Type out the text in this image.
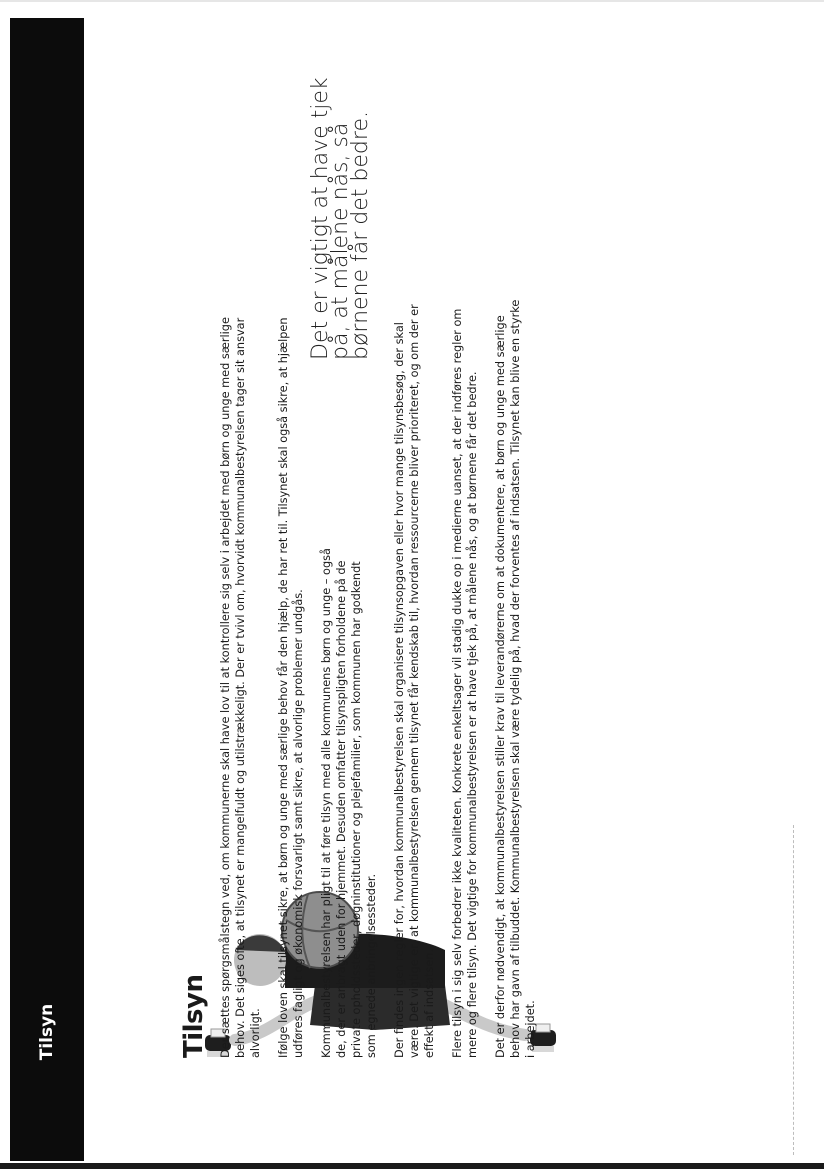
Tilsyn	Tilsyn Der sættes spørgsmålstegn ved, om kommunerne skal have lov til at kontrollere sig selv i arbejdet med børn og unge med særlige behov. Det siges ofte, at tilsynet er mangelfuldt og utilstrækkeligt. Der er tvivl om, hvorvidt kommunalbestyrelsen tager sit ansvar alvorligt. Ifølge loven skal tilsynet sikre, at børn og unge med særlige behov får den hjælp, de har ret til. Tilsynet skal også sikre, at hjælpen udføres fagligt og økonomisk forsvarligt samt sikre, at alvorlige problemer undgås. Kommunalbestyrelsen har pligt til at føre tilsyn med alle kommunens børn og unge – også de, der er anbragt uden for hjemmet. Desuden omfatter tilsynspligten forholdene på de private opholdssteder, døgninstitutioner og plejefamilier, som kommunen har godkendt som egnede anbringelsessteder.
Det er vigtigt at have tjek
på, at målene nås, så
børnene får det bedre.
Der findes ingen regler for, hvordan kommunalbestyrelsen skal organisere tilsynsopgaven eller hvor mange tilsynsbesøg, der skal være. Det vigtige er, at kommunalbestyrelsen gennem tilsynet får kendskab til, hvordan ressourcerne bliver prioriteret, og om der er effekt af indsatsen. Flere tilsyn i sig selv forbedrer ikke kvaliteten. Konkrete enkeltsager vil stadig dukke op i medierne uanset, at der indføres regler om mere og flere tilsyn. Det vigtige for kommunalbestyrelsen er at have tjek på, at målene nås, og at børnene får det bedre. Det er derfor nødvendigt, at kommunalbestyrelsen stiller krav til leverandørerne om at dokumentere, at børn og unge med særlige behov har gavn af tilbuddet. Kommunalbestyrelsen skal være tydelig på, hvad der forventes af indsatsen. Tilsynet kan blive en styrke i arbejdet.
